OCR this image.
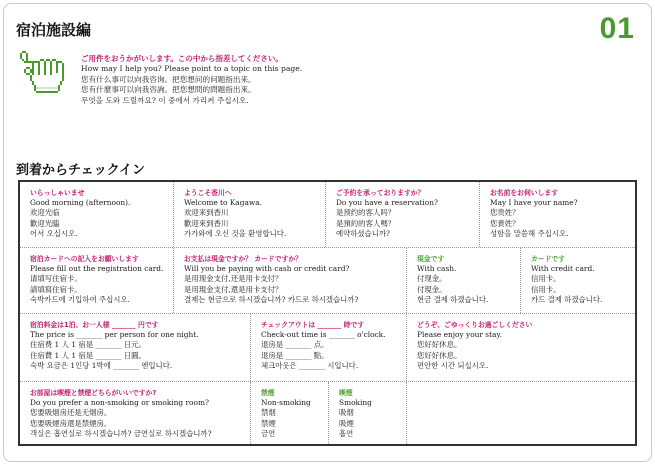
宿泊施設編	01
ご用件をおうかがいします。この中から指差してください。
How may I help you? Please point to a topic on this page.
您有什么事可以向我咨询。把您想问的问题指出来。
您有什麼事可以向我咨詢。把您想問的問題指出來。
무엇을 도와 드릴까요? 이 중에서 가리켜 주십시오.
到着からチェックイン
いらっしゃいませ
Good morning (afternoon).
欢迎光临
歡迎光臨
어서 오십시오.
ようこそ香川へ
Welcome to Kagawa.
欢迎来到香川
歡迎來到香川
가가와에 오신 것을 환영합니다.
ご予約を承っておりますか？
Do you have a reservation?
是预约的客人吗？
是預約的客人嗎？
예약하셨습니까?
お名前をお伺いします
May I have your name?
您贵姓？
您貴姓？
성함을 말씀해 주십시오.
宿泊カードへの記入をお願いします
Please fill out the registration card.
请填写住宿卡。
請填寫住宿卡。
숙박카드에 기입하여 주십시오.
お支払は現金ですか？ カードですか？
Will you be paying with cash or credit card?
是用现金支付,还是用卡支付？
是用現金支付,還是用卡支付？
결제는 현금으로 하시겠습니까? 카드로 하시겠습니까?
現金です
With cash.
付现金。
付現金。
현금 결제 하겠습니다.
カードです
With credit card.
信用卡。
信用卡。
카드 결제 하겠습니다.
宿泊料金は1泊、お一人様 _______ 円です
The price is _______ per person for one night.
住宿费 1 人 1 宿是 _______ 日元。
住宿費 1 人 1 宿是 _______ 日圓。
숙박 요금은 1인당 1박에 _______ 엔입니다.
チェックアウトは _______ 時です
Check-out time is _______ o'clock.
退房是 _______ 点。
退房是 _______ 點。
체크아웃은 _______ 시입니다.
どうぞ、ごゆっくりお過ごしください
Please enjoy your stay.
您好好休息。
您好好休息。
편안한 시간 되십시오.
お部屋は喫煙と禁煙どちらがいいですか?
Do you prefer a non-smoking or smoking room?
您要吸烟房还是无烟房。
您要吸煙房還是禁煙房。
객실은 흡연실로 하시겠습니까? 금연실로 하시겠습니까?
禁煙
Non-smoking
禁烟
禁煙
금연
喫煙
Smoking
吸烟
吸煙
흡연
